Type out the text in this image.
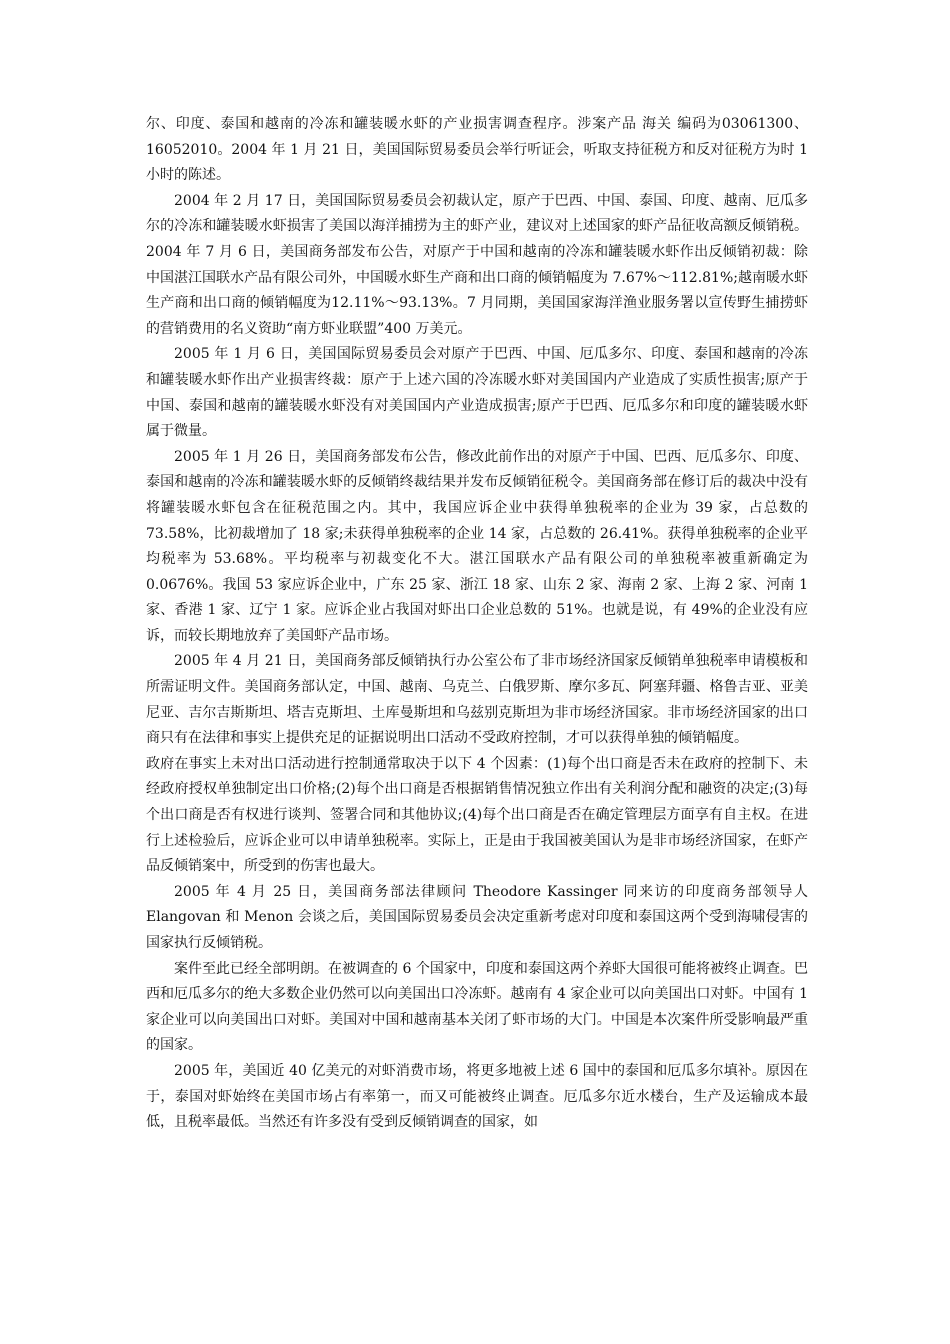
尔、印度、泰国和越南的冷冻和罐装暖水虾的产业损害调查程序。涉案产品 海关 编码为03061300、16052010。2004 年 1 月 21 日，美国国际贸易委员会举行听证会，听取支持征税方和反对征税方为时 1 小时的陈述。

2004 年 2 月 17 日，美国国际贸易委员会初裁认定，原产于巴西、中国、泰国、印度、越南、厄瓜多尔的冷冻和罐装暖水虾损害了美国以海洋捕捞为主的虾产业，建议对上述国家的虾产品征收高额反倾销税。2004 年 7 月 6 日，美国商务部发布公告，对原产于中国和越南的冷冻和罐装暖水虾作出反倾销初裁：除中国湛江国联水产品有限公司外，中国暖水虾生产商和出口商的倾销幅度为 7.67%～112.81%;越南暖水虾生产商和出口商的倾销幅度为12.11%～93.13%。7 月同期，美国国家海洋渔业服务署以宣传野生捕捞虾的营销费用的名义资助“南方虾业联盟”400 万美元。

2005 年 1 月 6 日，美国国际贸易委员会对原产于巴西、中国、厄瓜多尔、印度、泰国和越南的冷冻和罐装暖水虾作出产业损害终裁：原产于上述六国的冷冻暖水虾对美国国内产业造成了实质性损害;原产于中国、泰国和越南的罐装暖水虾没有对美国国内产业造成损害;原产于巴西、厄瓜多尔和印度的罐装暖水虾属于微量。

2005 年 1 月 26 日，美国商务部发布公告，修改此前作出的对原产于中国、巴西、厄瓜多尔、印度、泰国和越南的冷冻和罐装暖水虾的反倾销终裁结果并发布反倾销征税令。美国商务部在修订后的裁决中没有将罐装暖水虾包含在征税范围之内。其中，我国应诉企业中获得单独税率的企业为 39 家，占总数的 73.58%，比初裁增加了 18 家;未获得单独税率的企业 14 家，占总数的 26.41%。获得单独税率的企业平均税率为 53.68%。平均税率与初裁变化不大。湛江国联水产品有限公司的单独税率被重新确定为 0.0676%。我国 53 家应诉企业中，广东 25 家、浙江 18 家、山东 2 家、海南 2 家、上海 2 家、河南 1 家、香港 1 家、辽宁 1 家。应诉企业占我国对虾出口企业总数的 51%。也就是说，有 49%的企业没有应诉，而较长期地放弃了美国虾产品市场。

2005 年 4 月 21 日，美国商务部反倾销执行办公室公布了非市场经济国家反倾销单独税率申请模板和所需证明文件。美国商务部认定，中国、越南、乌克兰、白俄罗斯、摩尔多瓦、阿塞拜疆、格鲁吉亚、亚美尼亚、吉尔吉斯斯坦、塔吉克斯坦、土库曼斯坦和乌兹别克斯坦为非市场经济国家。非市场经济国家的出口商只有在法律和事实上提供充足的证据说明出口活动不受政府控制，才可以获得单独的倾销幅度。

政府在事实上未对出口活动进行控制通常取决于以下 4 个因素：(1)每个出口商是否未在政府的控制下、未经政府授权单独制定出口价格;(2)每个出口商是否根据销售情况独立作出有关利润分配和融资的决定;(3)每个出口商是否有权进行谈判、签署合同和其他协议;(4)每个出口商是否在确定管理层方面享有自主权。在进行上述检验后，应诉企业可以申请单独税率。实际上，正是由于我国被美国认为是非市场经济国家，在虾产品反倾销案中，所受到的伤害也最大。

2005 年 4 月 25 日，美国商务部法律顾问 Theodore Kassinger 同来访的印度商务部领导人 Elangovan 和 Menon 会谈之后，美国国际贸易委员会决定重新考虑对印度和泰国这两个受到海啸侵害的国家执行反倾销税。

案件至此已经全部明朗。在被调查的 6 个国家中，印度和泰国这两个养虾大国很可能将被终止调查。巴西和厄瓜多尔的绝大多数企业仍然可以向美国出口冷冻虾。越南有 4 家企业可以向美国出口对虾。中国有 1 家企业可以向美国出口对虾。美国对中国和越南基本关闭了虾市场的大门。中国是本次案件所受影响最严重的国家。

2005 年，美国近 40 亿美元的对虾消费市场，将更多地被上述 6 国中的泰国和厄瓜多尔填补。原因在于，泰国对虾始终在美国市场占有率第一，而又可能被终止调查。厄瓜多尔近水楼台，生产及运输成本最低，且税率最低。当然还有许多没有受到反倾销调查的国家，如
